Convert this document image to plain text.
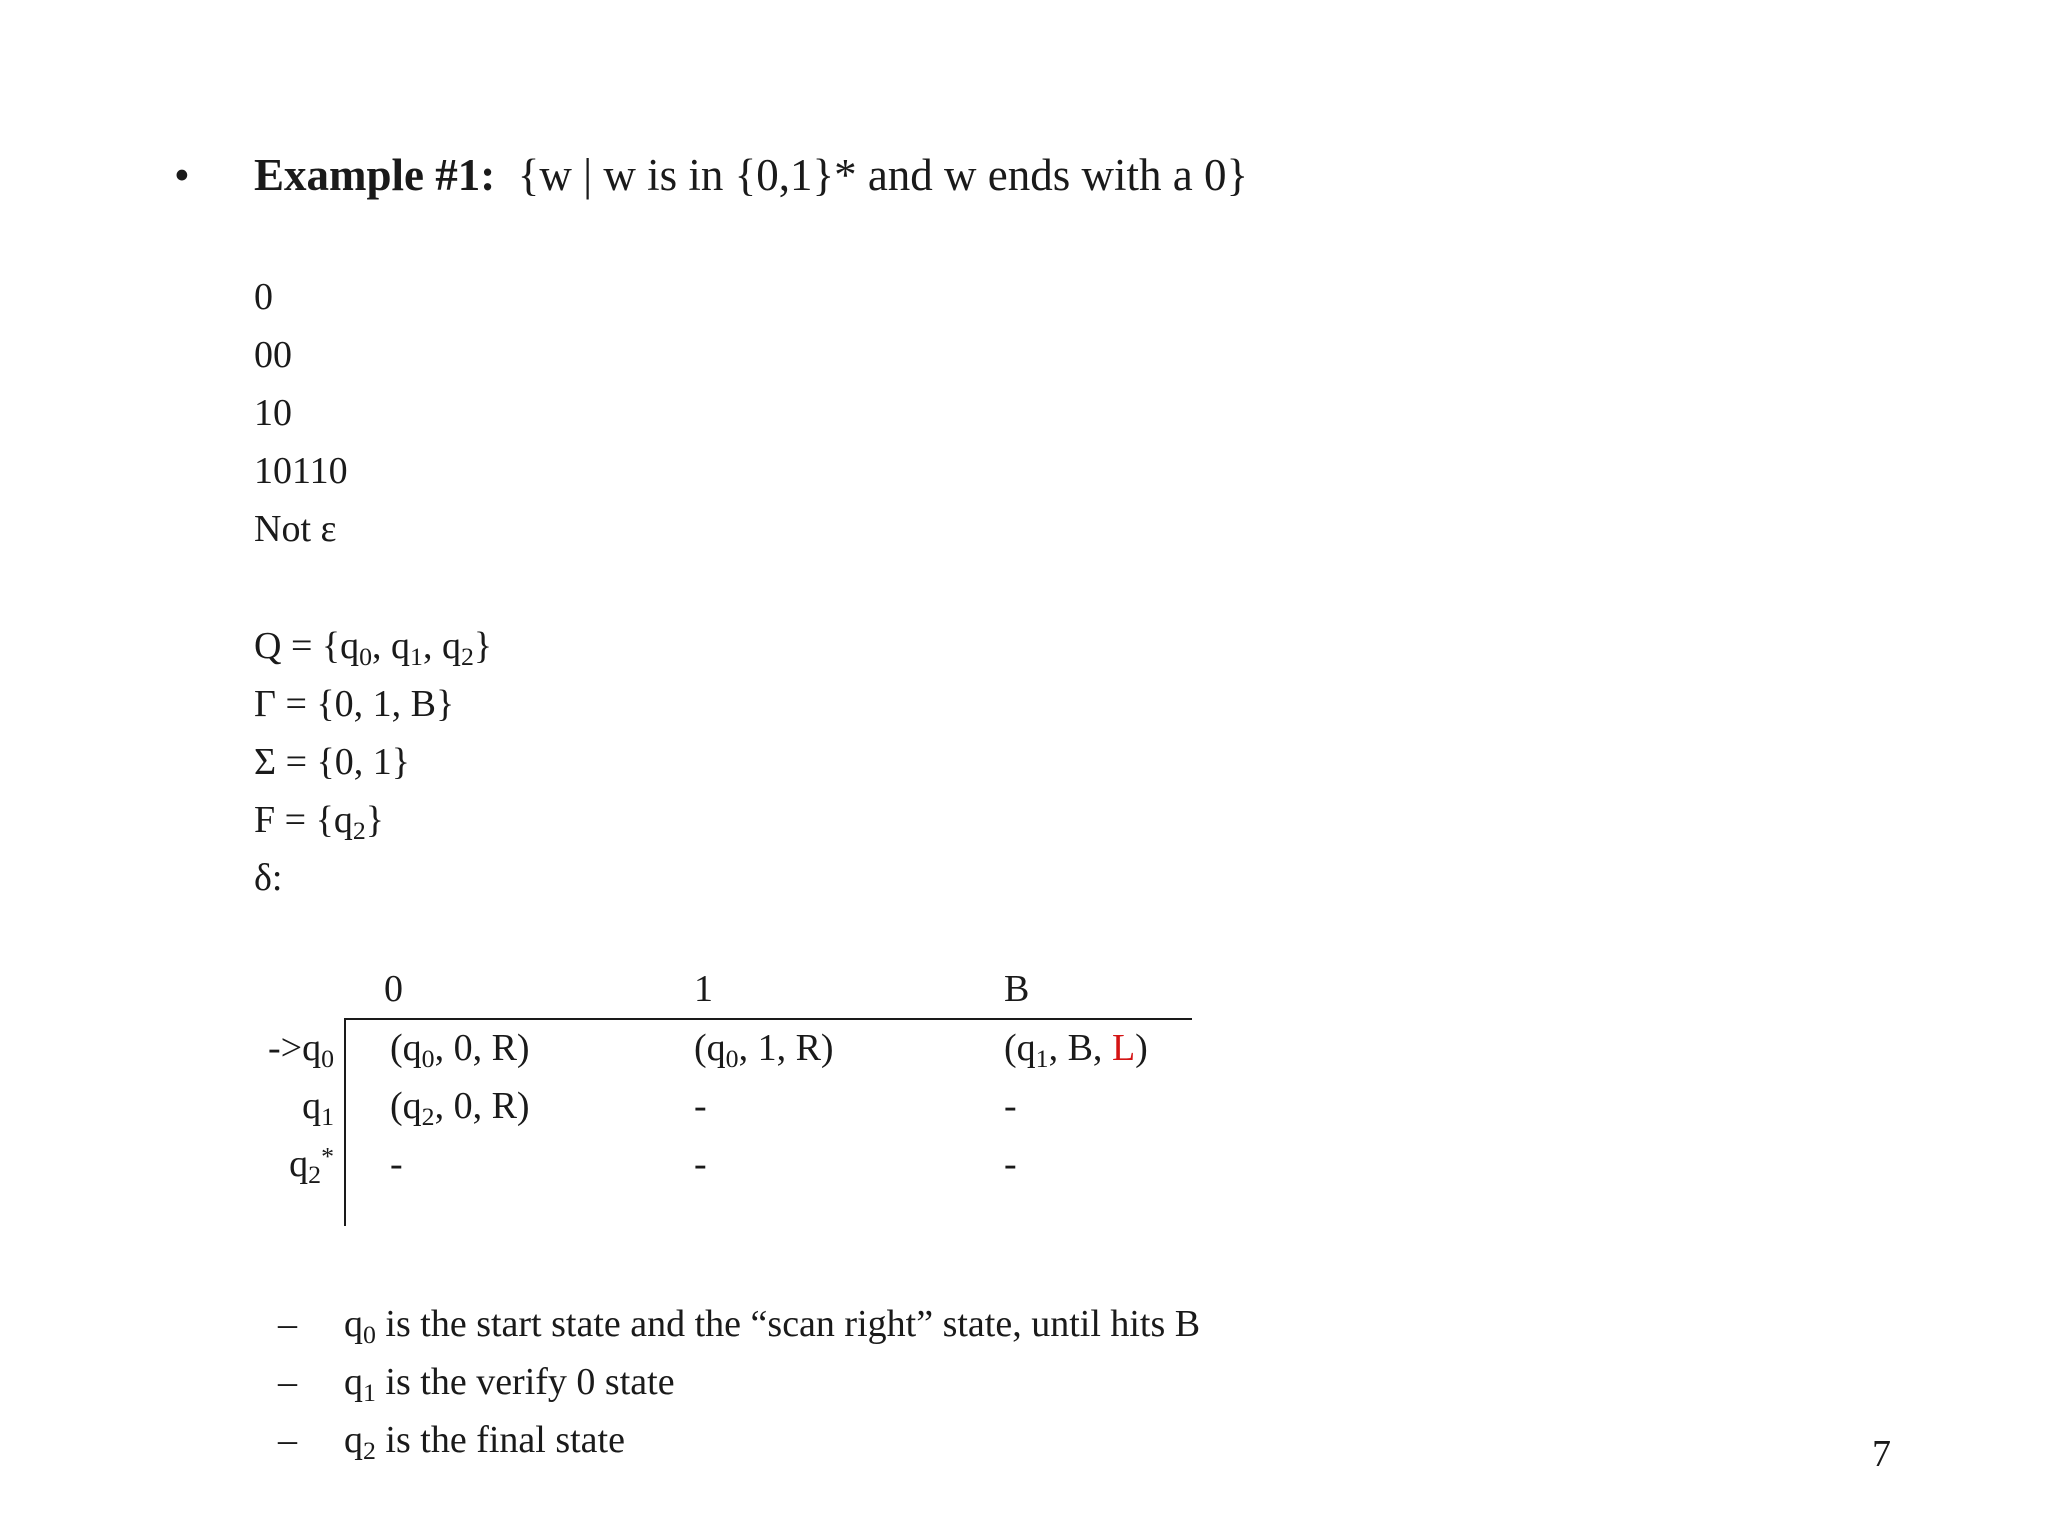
• Example #1: {w | w is in {0,1}* and w ends with a 0}
0
00
10
10110
Not ε
$Q = \{q_0$, $q_1$, $q_2$}
Γ = {0, 1, B}
Σ = {0, 1}
$F = \{q_2\}$
δ:
0	1	B
$->q_0$ ($q_0$, 0, R)	($q_0$, 1, R)	($q_1$, B, L)
$q_1$ ($q_2$, 0, R)	-	-
$q_2^*$ -	-	-
– $q_0$ is the start state and the “scan right” state, until hits B
– $q_1$ is the verify 0 state
– $q_2$ is the final state	7
